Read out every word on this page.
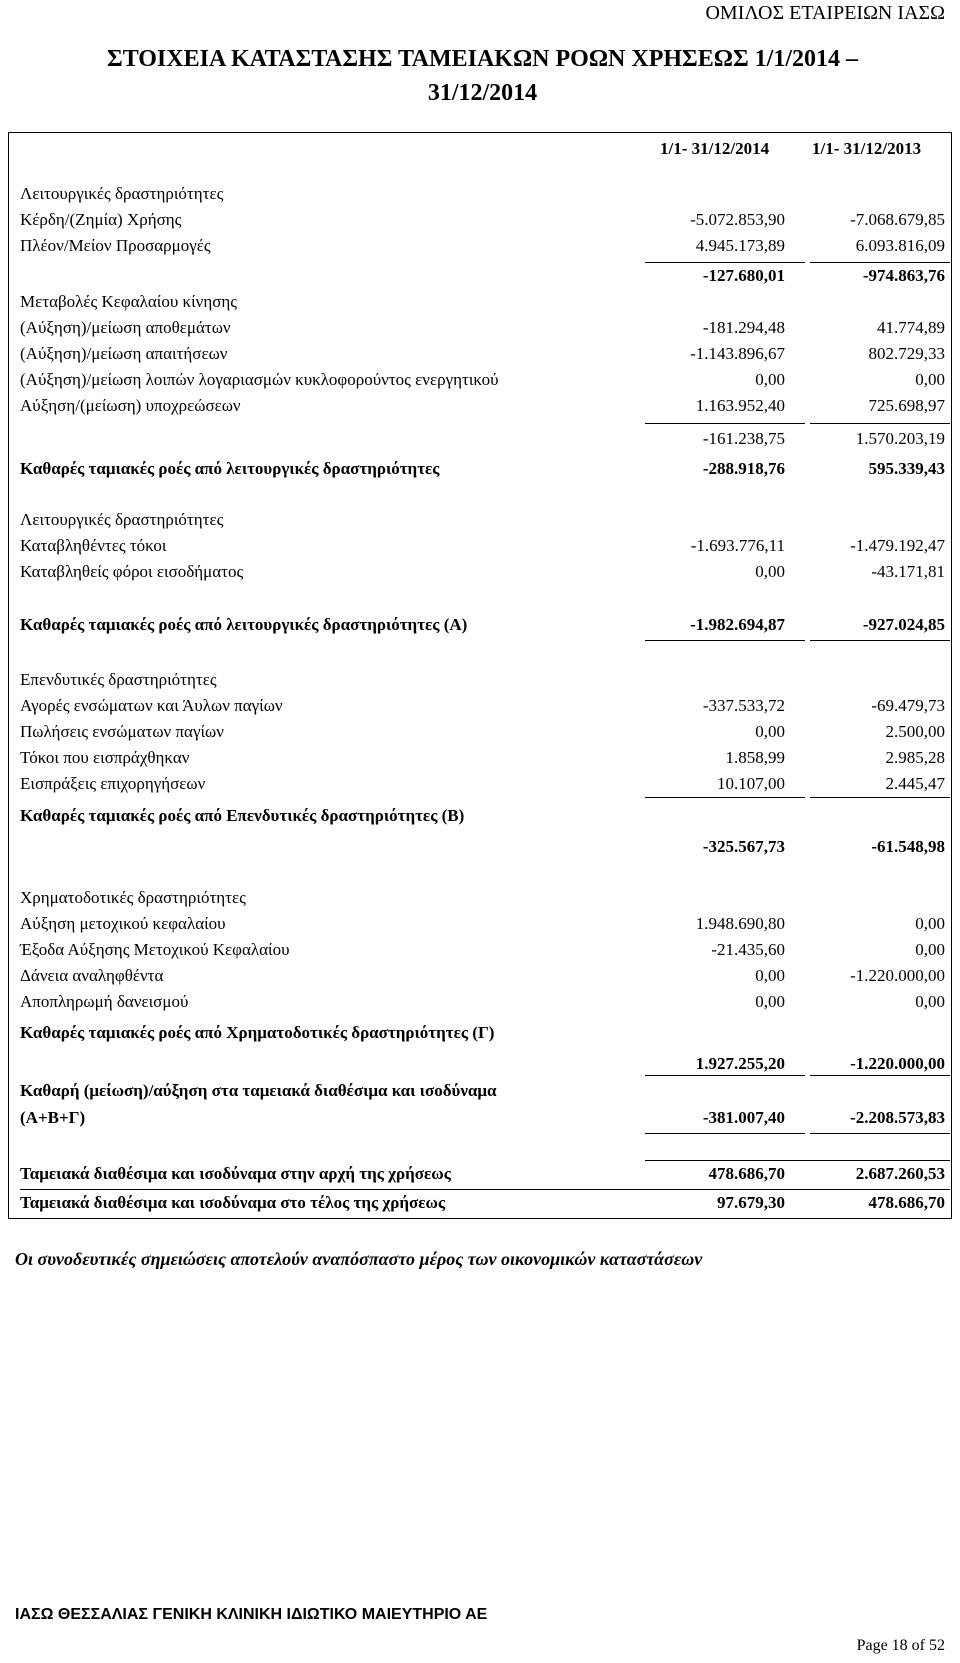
ΟΜΙΛΟΣ ΕΤΑΙΡΕΙΩΝ ΙΑΣΩ
ΣΤΟΙΧΕΙΑ ΚΑΤΑΣΤΑΣΗΣ ΤΑΜΕΙΑΚΩΝ ΡΟΩΝ ΧΡΗΣΕΩΣ 1/1/2014 –
31/12/2014
1/1- 31/12/2014	1/1- 31/12/2013
Λειτουργικές δραστηριότητες
Κέρδη/(Ζημία) Χρήσης	-5.072.853,90	-7.068.679,85
Πλέον/Μείον Προσαρμογές	4.945.173,89	6.093.816,09
-127.680,01	-974.863,76
Μεταβολές Κεφαλαίου κίνησης
(Αύξηση)/μείωση αποθεμάτων	-181.294,48	41.774,89
(Αύξηση)/μείωση απαιτήσεων	-1.143.896,67	802.729,33
(Αύξηση)/μείωση λοιπών λογαριασμών κυκλοφορούντος ενεργητικού	0,00	0,00
Αύξηση/(μείωση) υποχρεώσεων	1.163.952,40	725.698,97
-161.238,75	1.570.203,19
Καθαρές ταμιακές ροές από λειτουργικές δραστηριότητες	-288.918,76	595.339,43
Λειτουργικές δραστηριότητες
Καταβληθέντες τόκοι	-1.693.776,11	-1.479.192,47
Καταβληθείς φόροι εισοδήματος	0,00	-43.171,81
Καθαρές ταμιακές ροές από λειτουργικές δραστηριότητες (Α)	-1.982.694,87	-927.024,85
Επενδυτικές δραστηριότητες
Αγορές ενσώματων και Άυλων παγίων	-337.533,72	-69.479,73
Πωλήσεις ενσώματων παγίων	0,00	2.500,00
Τόκοι που εισπράχθηκαν	1.858,99	2.985,28
Εισπράξεις επιχορηγήσεων	10.107,00	2.445,47
Καθαρές ταμιακές ροές από Επενδυτικές δραστηριότητες (Β)
-325.567,73	-61.548,98
Χρηματοδοτικές δραστηριότητες
Αύξηση μετοχικού κεφαλαίου	1.948.690,80	0,00
Έξοδα Αύξησης Μετοχικού Κεφαλαίου	-21.435,60	0,00
Δάνεια αναληφθέντα	0,00	-1.220.000,00
Αποπληρωμή δανεισμού	0,00	0,00
Καθαρές ταμιακές ροές από Χρηματοδοτικές δραστηριότητες (Γ)
1.927.255,20	-1.220.000,00
Καθαρή (μείωση)/αύξηση στα ταμειακά διαθέσιμα και ισοδύναμα
(Α+Β+Γ)	-381.007,40	-2.208.573,83
Ταμειακά διαθέσιμα και ισοδύναμα στην αρχή της χρήσεως	478.686,70	2.687.260,53
Ταμειακά διαθέσιμα και ισοδύναμα στο τέλος της χρήσεως	97.679,30	478.686,70
Οι συνοδευτικές σημειώσεις αποτελούν αναπόσπαστο μέρος των οικονομικών καταστάσεων
ΙΑΣΩ ΘΕΣΣΑΛΙΑΣ ΓΕΝΙΚΗ ΚΛΙΝΙΚΗ ΙΔΙΩΤΙΚΟ ΜΑΙΕΥΤΗΡΙΟ ΑΕ
Page 18 of 52
